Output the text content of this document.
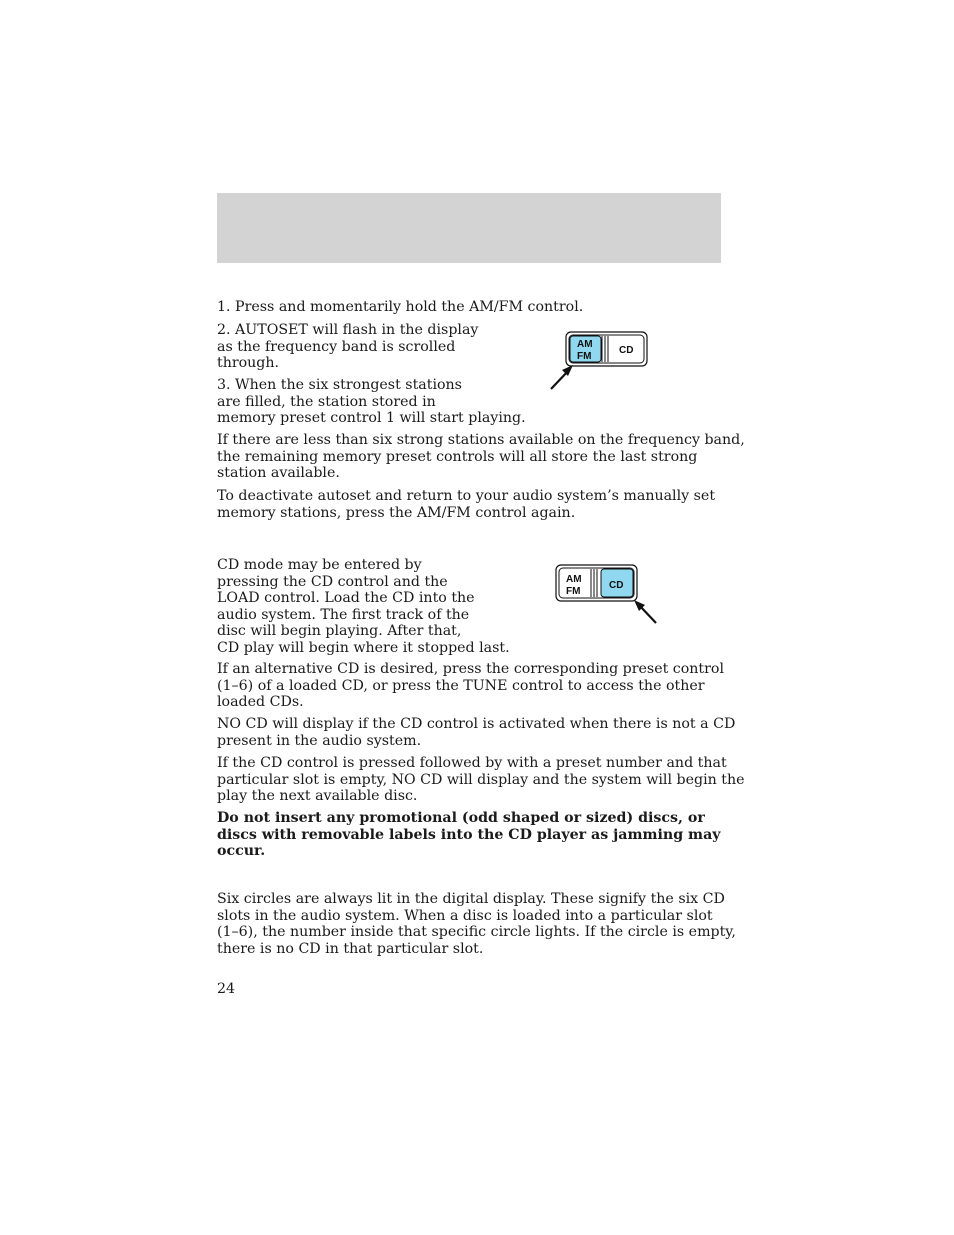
1. Press and momentarily hold the AM/FM control.

2. AUTOSET will flash in the display
as the frequency band is scrolled
through.

3. When the six strongest stations
are filled, the station stored in
memory preset control 1 will start playing.

If there are less than six strong stations available on the frequency band,
the remaining memory preset controls will all store the last strong
station available.

To deactivate autoset and return to your audio system’s manually set
memory stations, press the AM/FM control again.

AM
FM
CD

CD mode may be entered by
pressing the CD control and the
LOAD control. Load the CD into the
audio system. The first track of the
disc will begin playing. After that,
CD play will begin where it stopped last.

AM
FM
CD

If an alternative CD is desired, press the corresponding preset control
(1–6) of a loaded CD, or press the TUNE control to access the other
loaded CDs.

NO CD will display if the CD control is activated when there is not a CD
present in the audio system.

If the CD control is pressed followed by with a preset number and that
particular slot is empty, NO CD will display and the system will begin the
play the next available disc.

Do not insert any promotional (odd shaped or sized) discs, or
discs with removable labels into the CD player as jamming may
occur.

Six circles are always lit in the digital display. These signify the six CD
slots in the audio system. When a disc is loaded into a particular slot
(1–6), the number inside that specific circle lights. If the circle is empty,
there is no CD in that particular slot.

24
